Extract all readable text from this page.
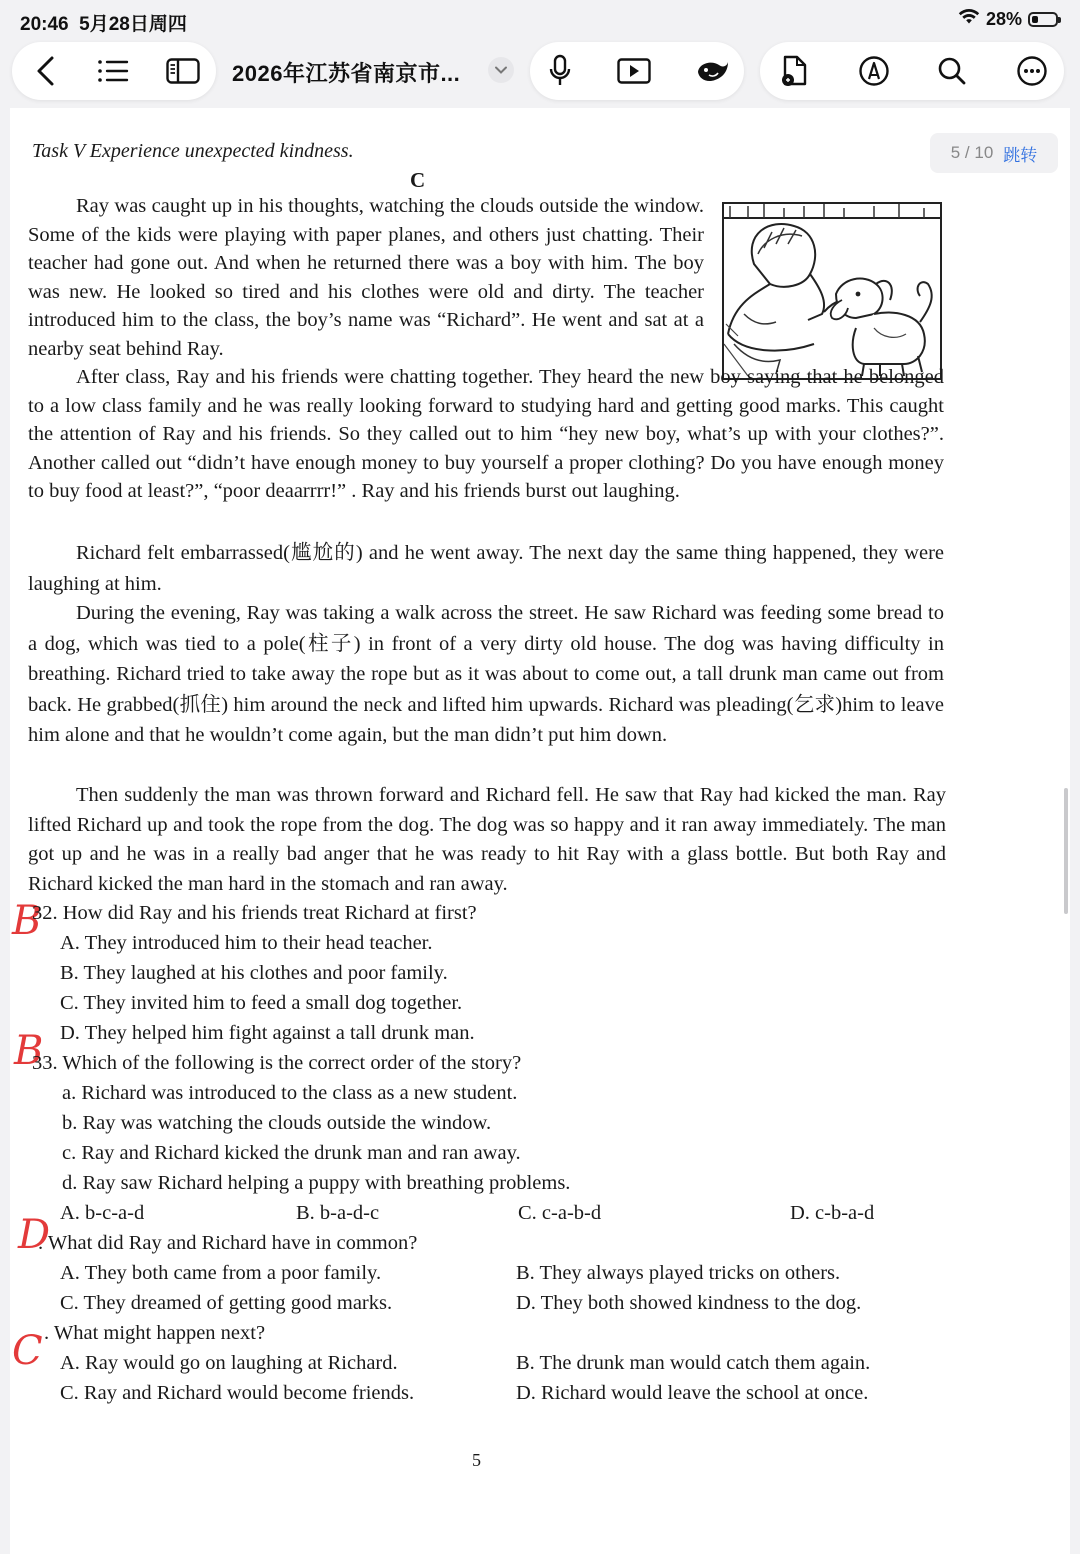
20:46 5月28日周四	28%
2026年江苏省南京市...
Task V Experience unexpected kindness.	5 / 10 跳转
C
Ray was caught up in his thoughts, watching the clouds outside the window. Some of the kids were playing with paper planes, and others just chatting. Their teacher had gone out. And when he returned there was a boy with him. The boy was new. He looked so tired and his clothes were old and dirty. The teacher introduced him to the class, the boy’s name was “Richard”. He went and sat at a nearby seat behind Ray.
After class, Ray and his friends were chatting together. They heard the new boy saying that he belonged to a low class family and he was really looking forward to studying hard and getting good marks. This caught the attention of Ray and his friends. So they called out to him “hey new boy, what’s up with your clothes?”. Another called out “didn’t have enough money to buy yourself a proper clothing? Do you have enough money to buy food at least?”, “poor deaarrrr!” . Ray and his friends burst out laughing.
Richard felt embarrassed(尴尬的) and he went away. The next day the same thing happened, they were laughing at him.
During the evening, Ray was taking a walk across the street. He saw Richard was feeding some bread to a dog, which was tied to a pole(柱子) in front of a very dirty old house. The dog was having difficulty in breathing. Richard tried to take away the rope but as it was about to come out, a tall drunk man came out from back. He grabbed(抓住) him around the neck and lifted him upwards. Richard was pleading(乞求)him to leave him alone and that he wouldn’t come again, but the man didn’t put him down.
Then suddenly the man was thrown forward and Richard fell. He saw that Ray had kicked the man. Ray lifted Richard up and took the rope from the dog. The dog was so happy and it ran away immediately. The man got up and he was in a really bad anger that he was ready to hit Ray with a glass bottle. But both Ray and Richard kicked the man hard in the stomach and ran away.
B
32. How did Ray and his friends treat Richard at first?
A. They introduced him to their head teacher.
B. They laughed at his clothes and poor family.
C. They invited him to feed a small dog together.
D. They helped him fight against a tall drunk man.
B
33. Which of the following is the correct order of the story?
a. Richard was introduced to the class as a new student.
b. Ray was watching the clouds outside the window.
c. Ray and Richard kicked the drunk man and ran away.
d. Ray saw Richard helping a puppy with breathing problems.
A. b-c-a-d	B. b-a-d-c	C. c-a-b-d	D. c-b-a-d
D
. What did Ray and Richard have in common?
A. They both came from a poor family.	B. They always played tricks on others.
C. They dreamed of getting good marks.	D. They both showed kindness to the dog.
C . What might happen next?
A. Ray would go on laughing at Richard.	B. The drunk man would catch them again.
C. Ray and Richard would become friends.	D. Richard would leave the school at once.
5
